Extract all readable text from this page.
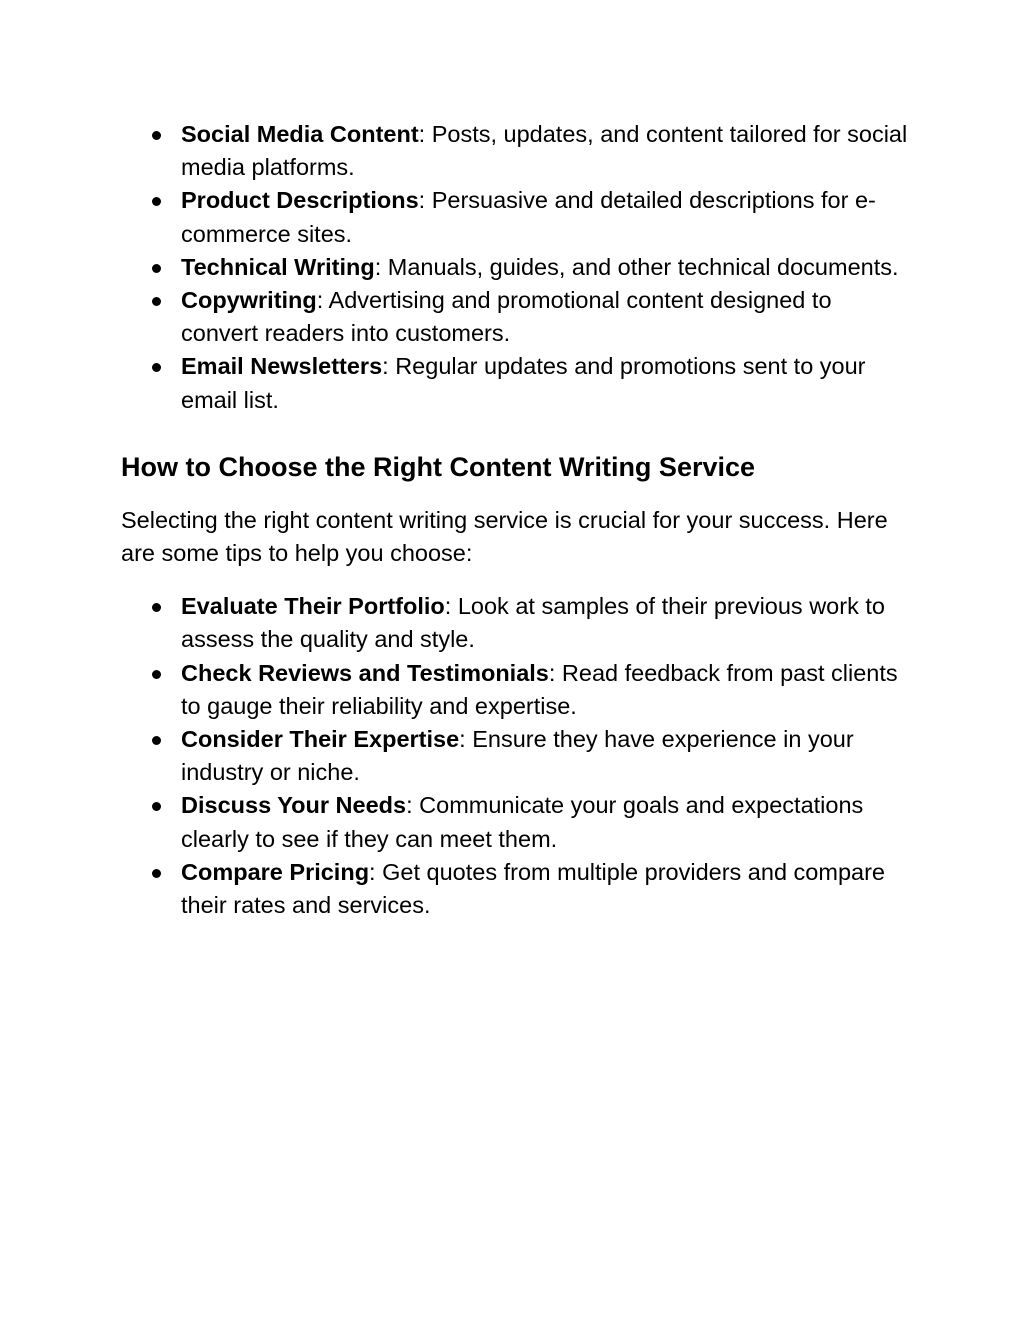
Social Media Content: Posts, updates, and content tailored for social media platforms.
Product Descriptions: Persuasive and detailed descriptions for e-commerce sites.
Technical Writing: Manuals, guides, and other technical documents.
Copywriting: Advertising and promotional content designed to convert readers into customers.
Email Newsletters: Regular updates and promotions sent to your email list.
How to Choose the Right Content Writing Service

Selecting the right content writing service is crucial for your success. Here are some tips to help you choose:

Evaluate Their Portfolio: Look at samples of their previous work to assess the quality and style.
Check Reviews and Testimonials: Read feedback from past clients to gauge their reliability and expertise.
Consider Their Expertise: Ensure they have experience in your industry or niche.
Discuss Your Needs: Communicate your goals and expectations clearly to see if they can meet them.
Compare Pricing: Get quotes from multiple providers and compare their rates and services.
